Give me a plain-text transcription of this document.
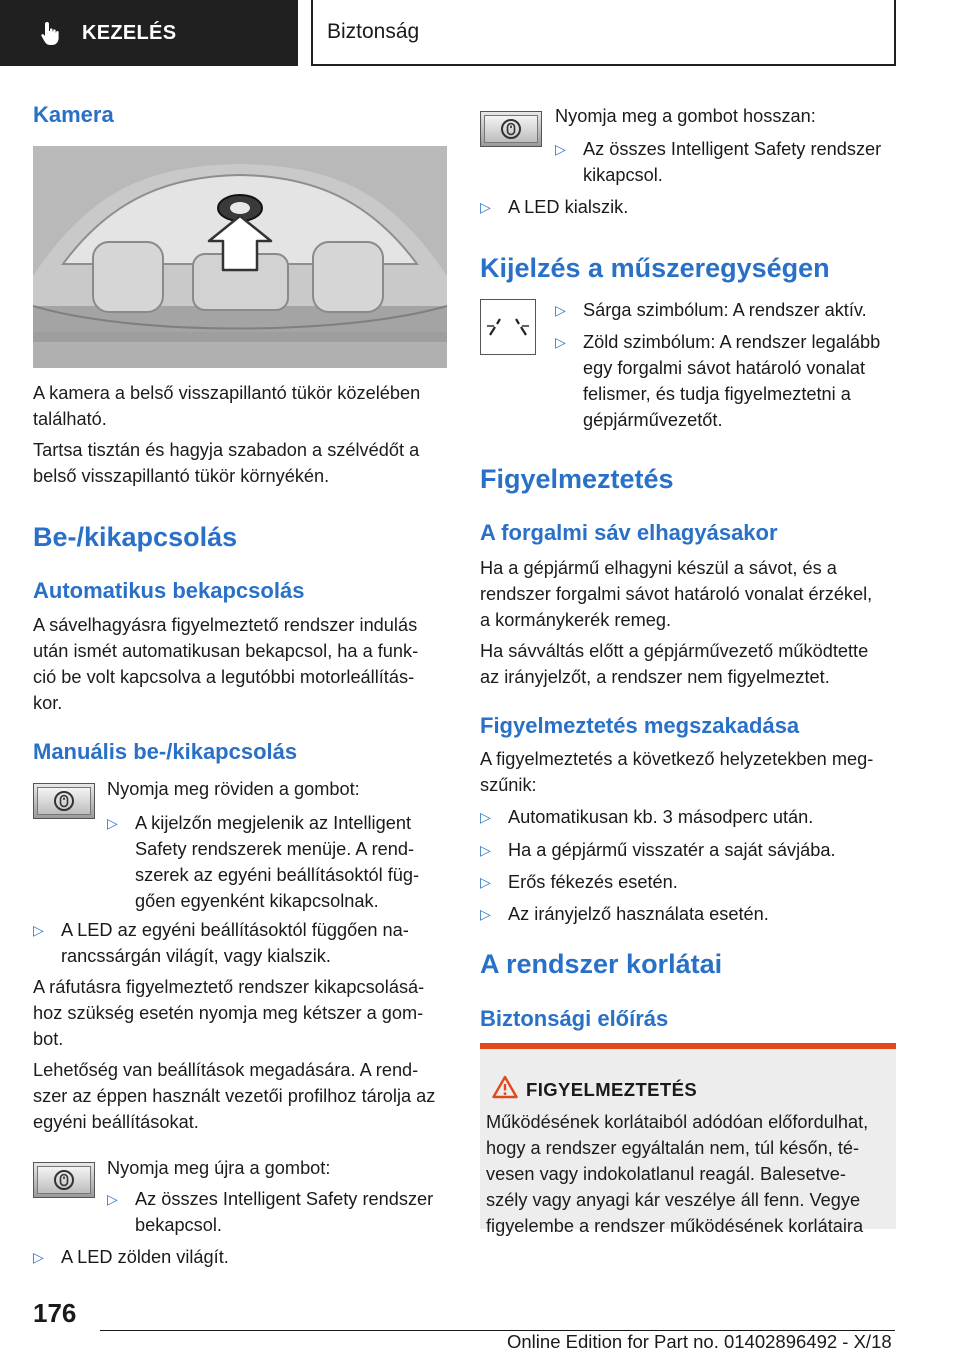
KEZELÉS	Biztonság
Kamera
A kamera a belső visszapillantó tükör közelében
található.
Tartsa tisztán és hagyja szabadon a szélvédőt a
belső visszapillantó tükör környékén.
Be-/kikapcsolás
Automatikus bekapcsolás
A sávelhagyásra figyelmeztető rendszer indulás
után ismét automatikusan bekapcsol, ha a funk-
ció be volt kapcsolva a legutóbbi motorleállítás-
kor.
Manuális be-/kikapcsolás
Nyomja meg röviden a gombot:
▷ A kijelzőn megjelenik az Intelligent
Safety rendszerek menüje. A rend-
szerek az egyéni beállításoktól füg-
gően egyenként kikapcsolnak.
▷ A LED az egyéni beállításoktól függően na-
rancssárgán világít, vagy kialszik.
A ráfutásra figyelmeztető rendszer kikapcsolásá-
hoz szükség esetén nyomja meg kétszer a gom-
bot.
Lehetőség van beállítások megadására. A rend-
szer az éppen használt vezetői profilhoz tárolja az
egyéni beállításokat.
Nyomja meg újra a gombot:
▷ Az összes Intelligent Safety rendszer
bekapcsol.
▷ A LED zölden világít.
Nyomja meg a gombot hosszan:
▷ Az összes Intelligent Safety rendszer
kikapcsol.
▷ A LED kialszik.
Kijelzés a műszeregységen
▷ Sárga szimbólum: A rendszer aktív.
▷ Zöld szimbólum: A rendszer legalább
egy forgalmi sávot határoló vonalat
felismer, és tudja figyelmeztetni a
gépjárművezetőt.
Figyelmeztetés
A forgalmi sáv elhagyásakor
Ha a gépjármű elhagyni készül a sávot, és a
rendszer forgalmi sávot határoló vonalat érzékel,
a kormánykerék remeg.
Ha sávváltás előtt a gépjárművezető működtette
az irányjelzőt, a rendszer nem figyelmeztet.
Figyelmeztetés megszakadása
A figyelmeztetés a következő helyzetekben meg-
szűnik:
▷ Automatikusan kb. 3 másodperc után.
▷ Ha a gépjármű visszatér a saját sávjába.
▷ Erős fékezés esetén.
▷ Az irányjelző használata esetén.
A rendszer korlátai
Biztonsági előírás
FIGYELMEZTETÉS
Működésének korlátaiból adódóan előfordulhat,
hogy a rendszer egyáltalán nem, túl későn, té-
vesen vagy indokolatlanul reagál. Balesetve-
szély vagy anyagi kár veszélye áll fenn. Vegye
figyelembe a rendszer működésének korlátaira
176
Online Edition for Part no. 01402896492 - X/18
